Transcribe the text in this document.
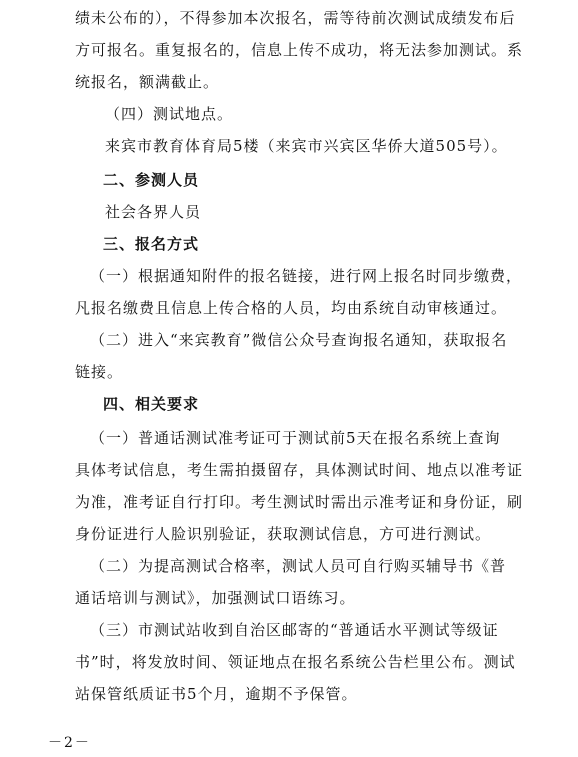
绩未公布的），不得参加本次报名，需等待前次测试成绩发布后
方可报名。重复报名的，信息上传不成功，将无法参加测试。系
统报名，额满截止。
（四）测试地点。
来宾市教育体育局5楼（来宾市兴宾区华侨大道505号）。
二、参测人员
社会各界人员
三、报名方式
（一）根据通知附件的报名链接，进行网上报名时同步缴费，
凡报名缴费且信息上传合格的人员，均由系统自动审核通过。
（二）进入“来宾教育”微信公众号查询报名通知，获取报名
链接。
四、相关要求
（一）普通话测试准考证可于测试前5天在报名系统上查询
具体考试信息，考生需拍摄留存，具体测试时间、地点以准考证
为准，准考证自行打印。考生测试时需出示准考证和身份证，刷
身份证进行人脸识别验证，获取测试信息，方可进行测试。
（二）为提高测试合格率，测试人员可自行购买辅导书《普
通话培训与测试》，加强测试口语练习。
（三）市测试站收到自治区邮寄的“普通话水平测试等级证
书”时，将发放时间、领证地点在报名系统公告栏里公布。测试
站保管纸质证书5个月，逾期不予保管。
－2－
